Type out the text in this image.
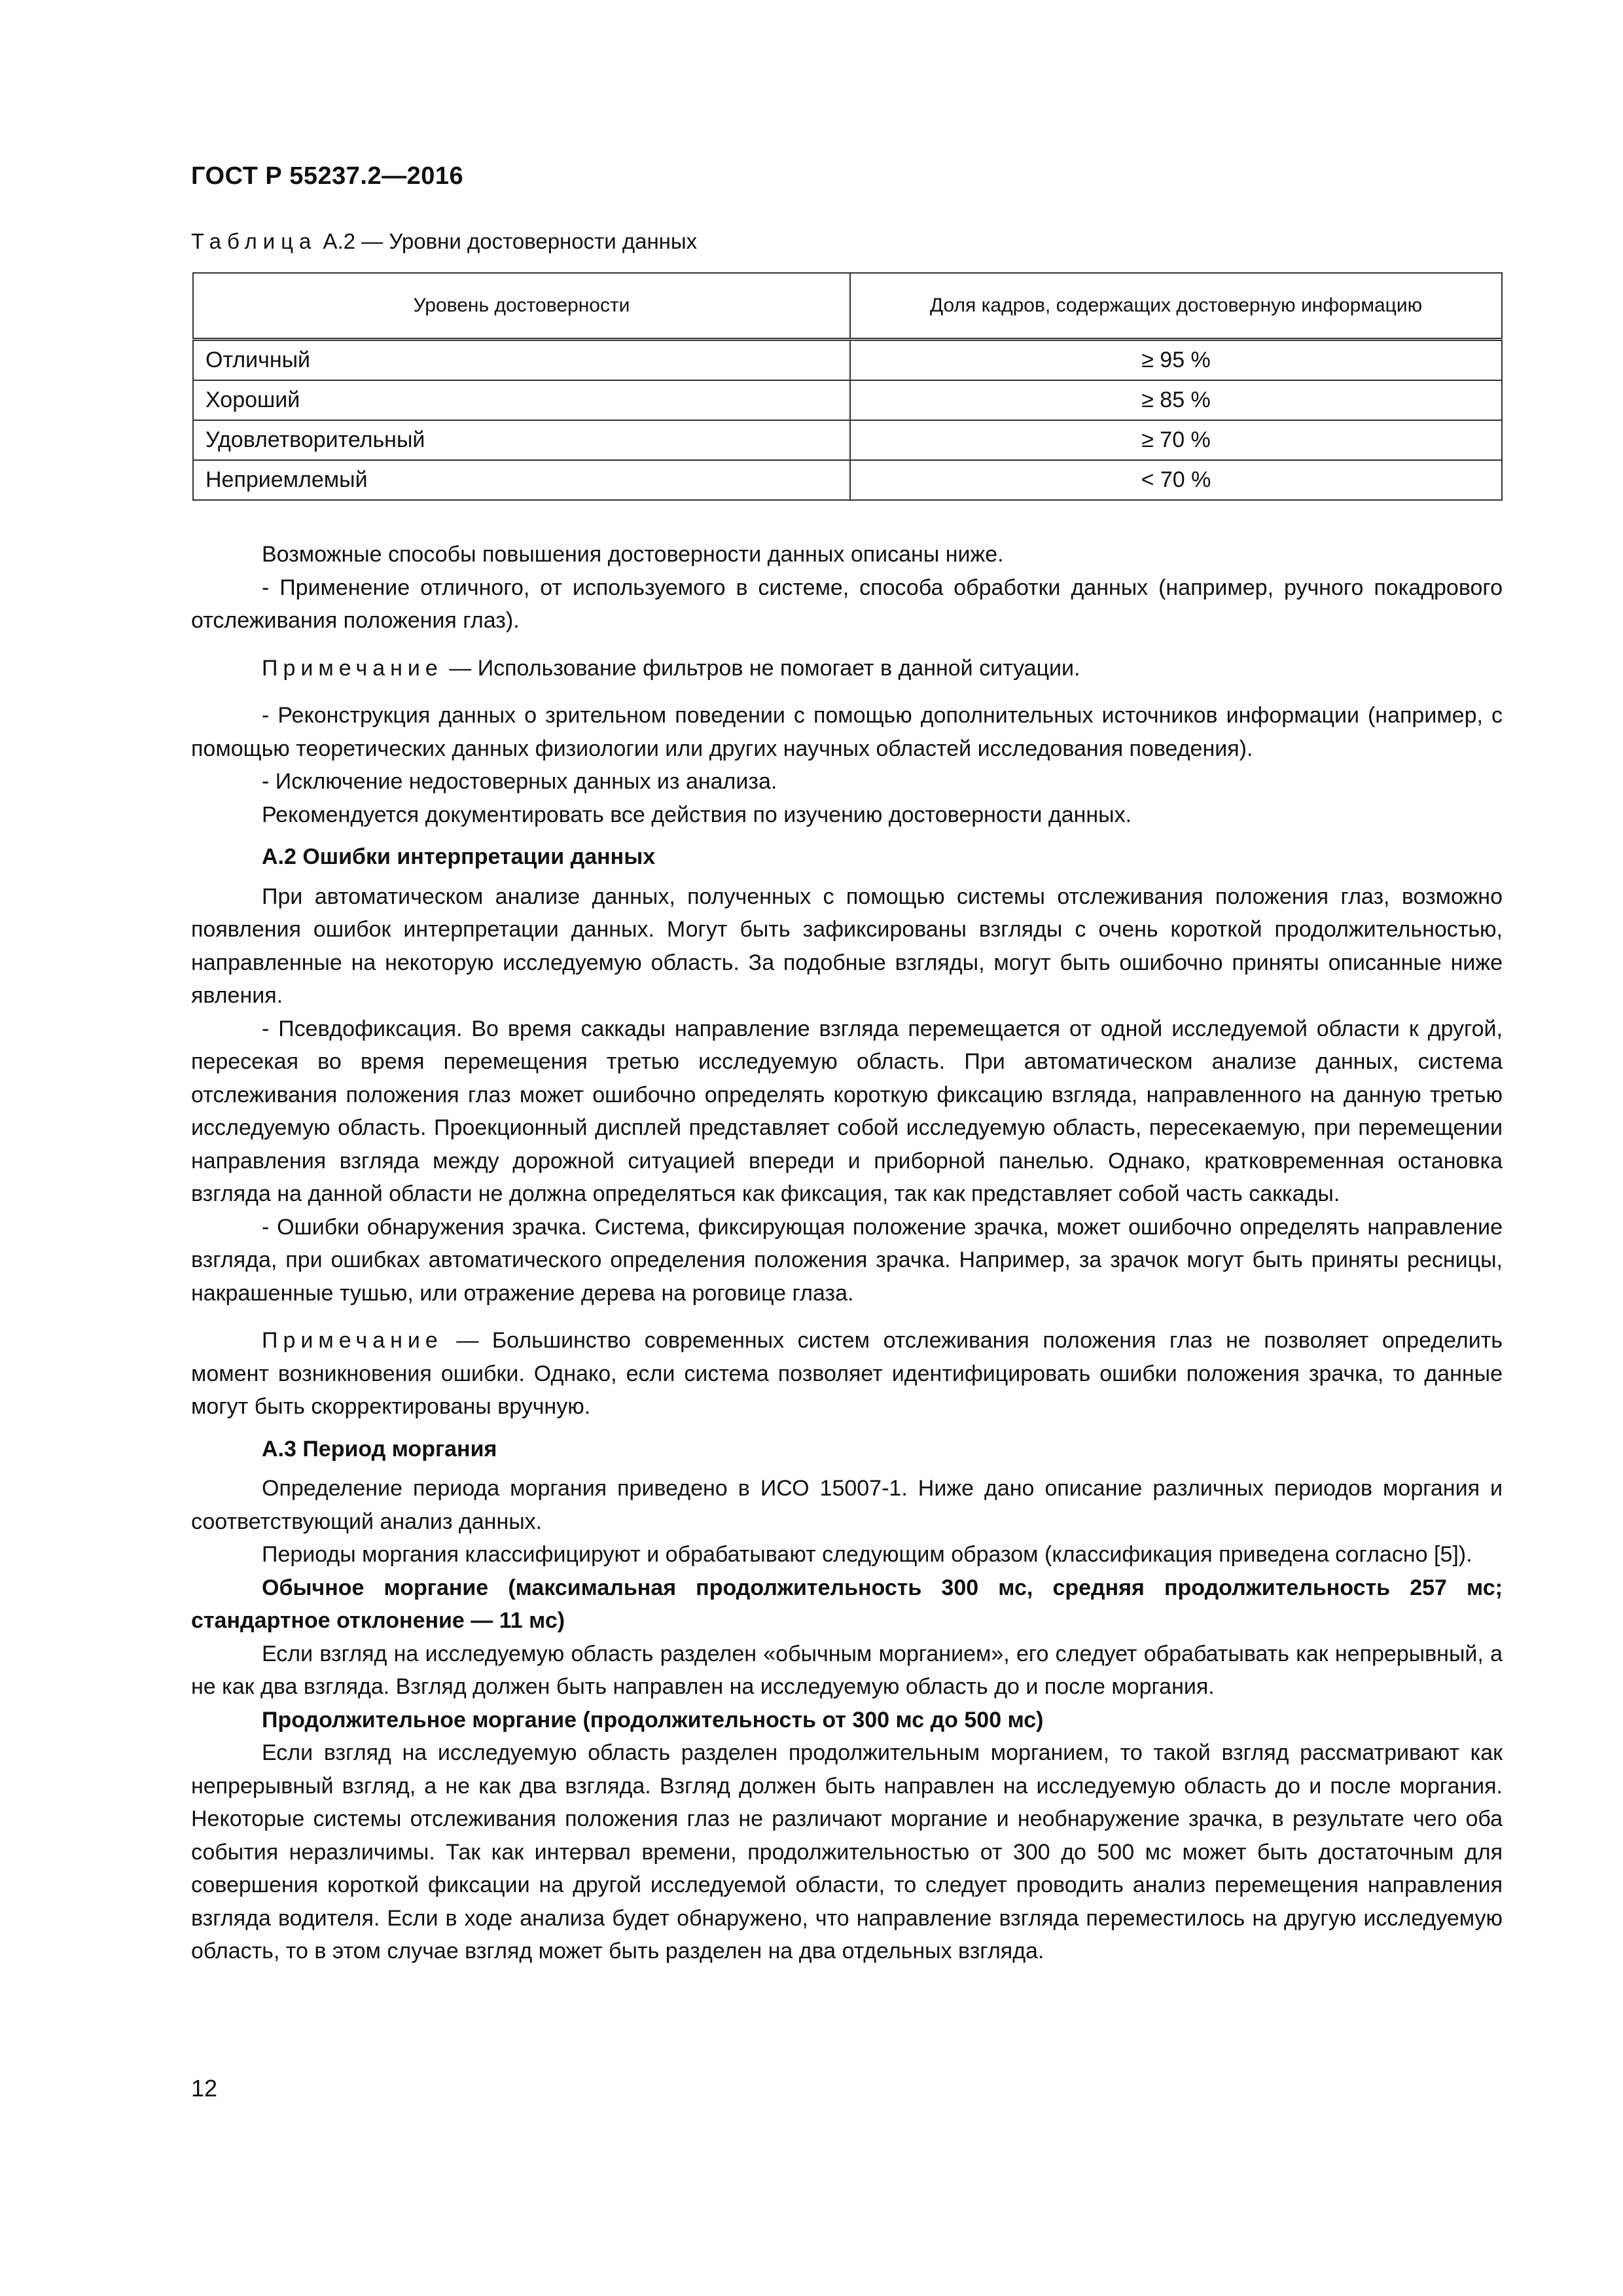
ГОСТ Р 55237.2—2016
Таблица А.2 — Уровни достоверности данных
Уровень достоверности	Доля кадров, содержащих достоверную информацию
Отличный	≥ 95 %
Хороший	≥ 85 %
Удовлетворительный	≥ 70 %
Неприемлемый	< 70 %

Возможные способы повышения достоверности данных описаны ниже.

- Применение отличного, от используемого в системе, способа обработки данных (например, ручного покадрового отслеживания положения глаз).

Примечание — Использование фильтров не помогает в данной ситуации.

- Реконструкция данных о зрительном поведении с помощью дополнительных источников информации (например, с помощью теоретических данных физиологии или других научных областей исследования поведения).

- Исключение недостоверных данных из анализа.

Рекомендуется документировать все действия по изучению достоверности данных.

А.2 Ошибки интерпретации данных

При автоматическом анализе данных, полученных с помощью системы отслеживания положения глаз, возможно появления ошибок интерпретации данных. Могут быть зафиксированы взгляды с очень короткой продолжительностью, направленные на некоторую исследуемую область. За подобные взгляды, могут быть ошибочно приняты описанные ниже явления.

- Псевдофиксация. Во время саккады направление взгляда перемещается от одной исследуемой области к другой, пересекая во время перемещения третью исследуемую область. При автоматическом анализе данных, система отслеживания положения глаз может ошибочно определять короткую фиксацию взгляда, направленного на данную третью исследуемую область. Проекционный дисплей представляет собой исследуемую область, пересекаемую, при перемещении направления взгляда между дорожной ситуацией впереди и приборной панелью. Однако, кратковременная остановка взгляда на данной области не должна определяться как фиксация, так как представляет собой часть саккады.

- Ошибки обнаружения зрачка. Система, фиксирующая положение зрачка, может ошибочно определять направление взгляда, при ошибках автоматического определения положения зрачка. Например, за зрачок могут быть приняты ресницы, накрашенные тушью, или отражение дерева на роговице глаза.

Примечание — Большинство современных систем отслеживания положения глаз не позволяет определить момент возникновения ошибки. Однако, если система позволяет идентифицировать ошибки положения зрачка, то данные могут быть скорректированы вручную.

А.3 Период моргания

Определение периода моргания приведено в ИСО 15007-1. Ниже дано описание различных периодов моргания и соответствующий анализ данных.

Периоды моргания классифицируют и обрабатывают следующим образом (классификация приведена согласно [5]).

Обычное моргание (максимальная продолжительность 300 мс, средняя продолжительность 257 мс; стандартное отклонение — 11 мс)

Если взгляд на исследуемую область разделен «обычным морганием», его следует обрабатывать как непрерывный, а не как два взгляда. Взгляд должен быть направлен на исследуемую область до и после моргания.

Продолжительное моргание (продолжительность от 300 мс до 500 мс)

Если взгляд на исследуемую область разделен продолжительным морганием, то такой взгляд рассматривают как непрерывный взгляд, а не как два взгляда. Взгляд должен быть направлен на исследуемую область до и после моргания. Некоторые системы отслеживания положения глаз не различают моргание и необнаружение зрачка, в результате чего оба события неразличимы. Так как интервал времени, продолжительностью от 300 до 500 мс может быть достаточным для совершения короткой фиксации на другой исследуемой области, то следует проводить анализ перемещения направления взгляда водителя. Если в ходе анализа будет обнаружено, что направление взгляда переместилось на другую исследуемую область, то в этом случае взгляд может быть разделен на два отдельных взгляда.

12
